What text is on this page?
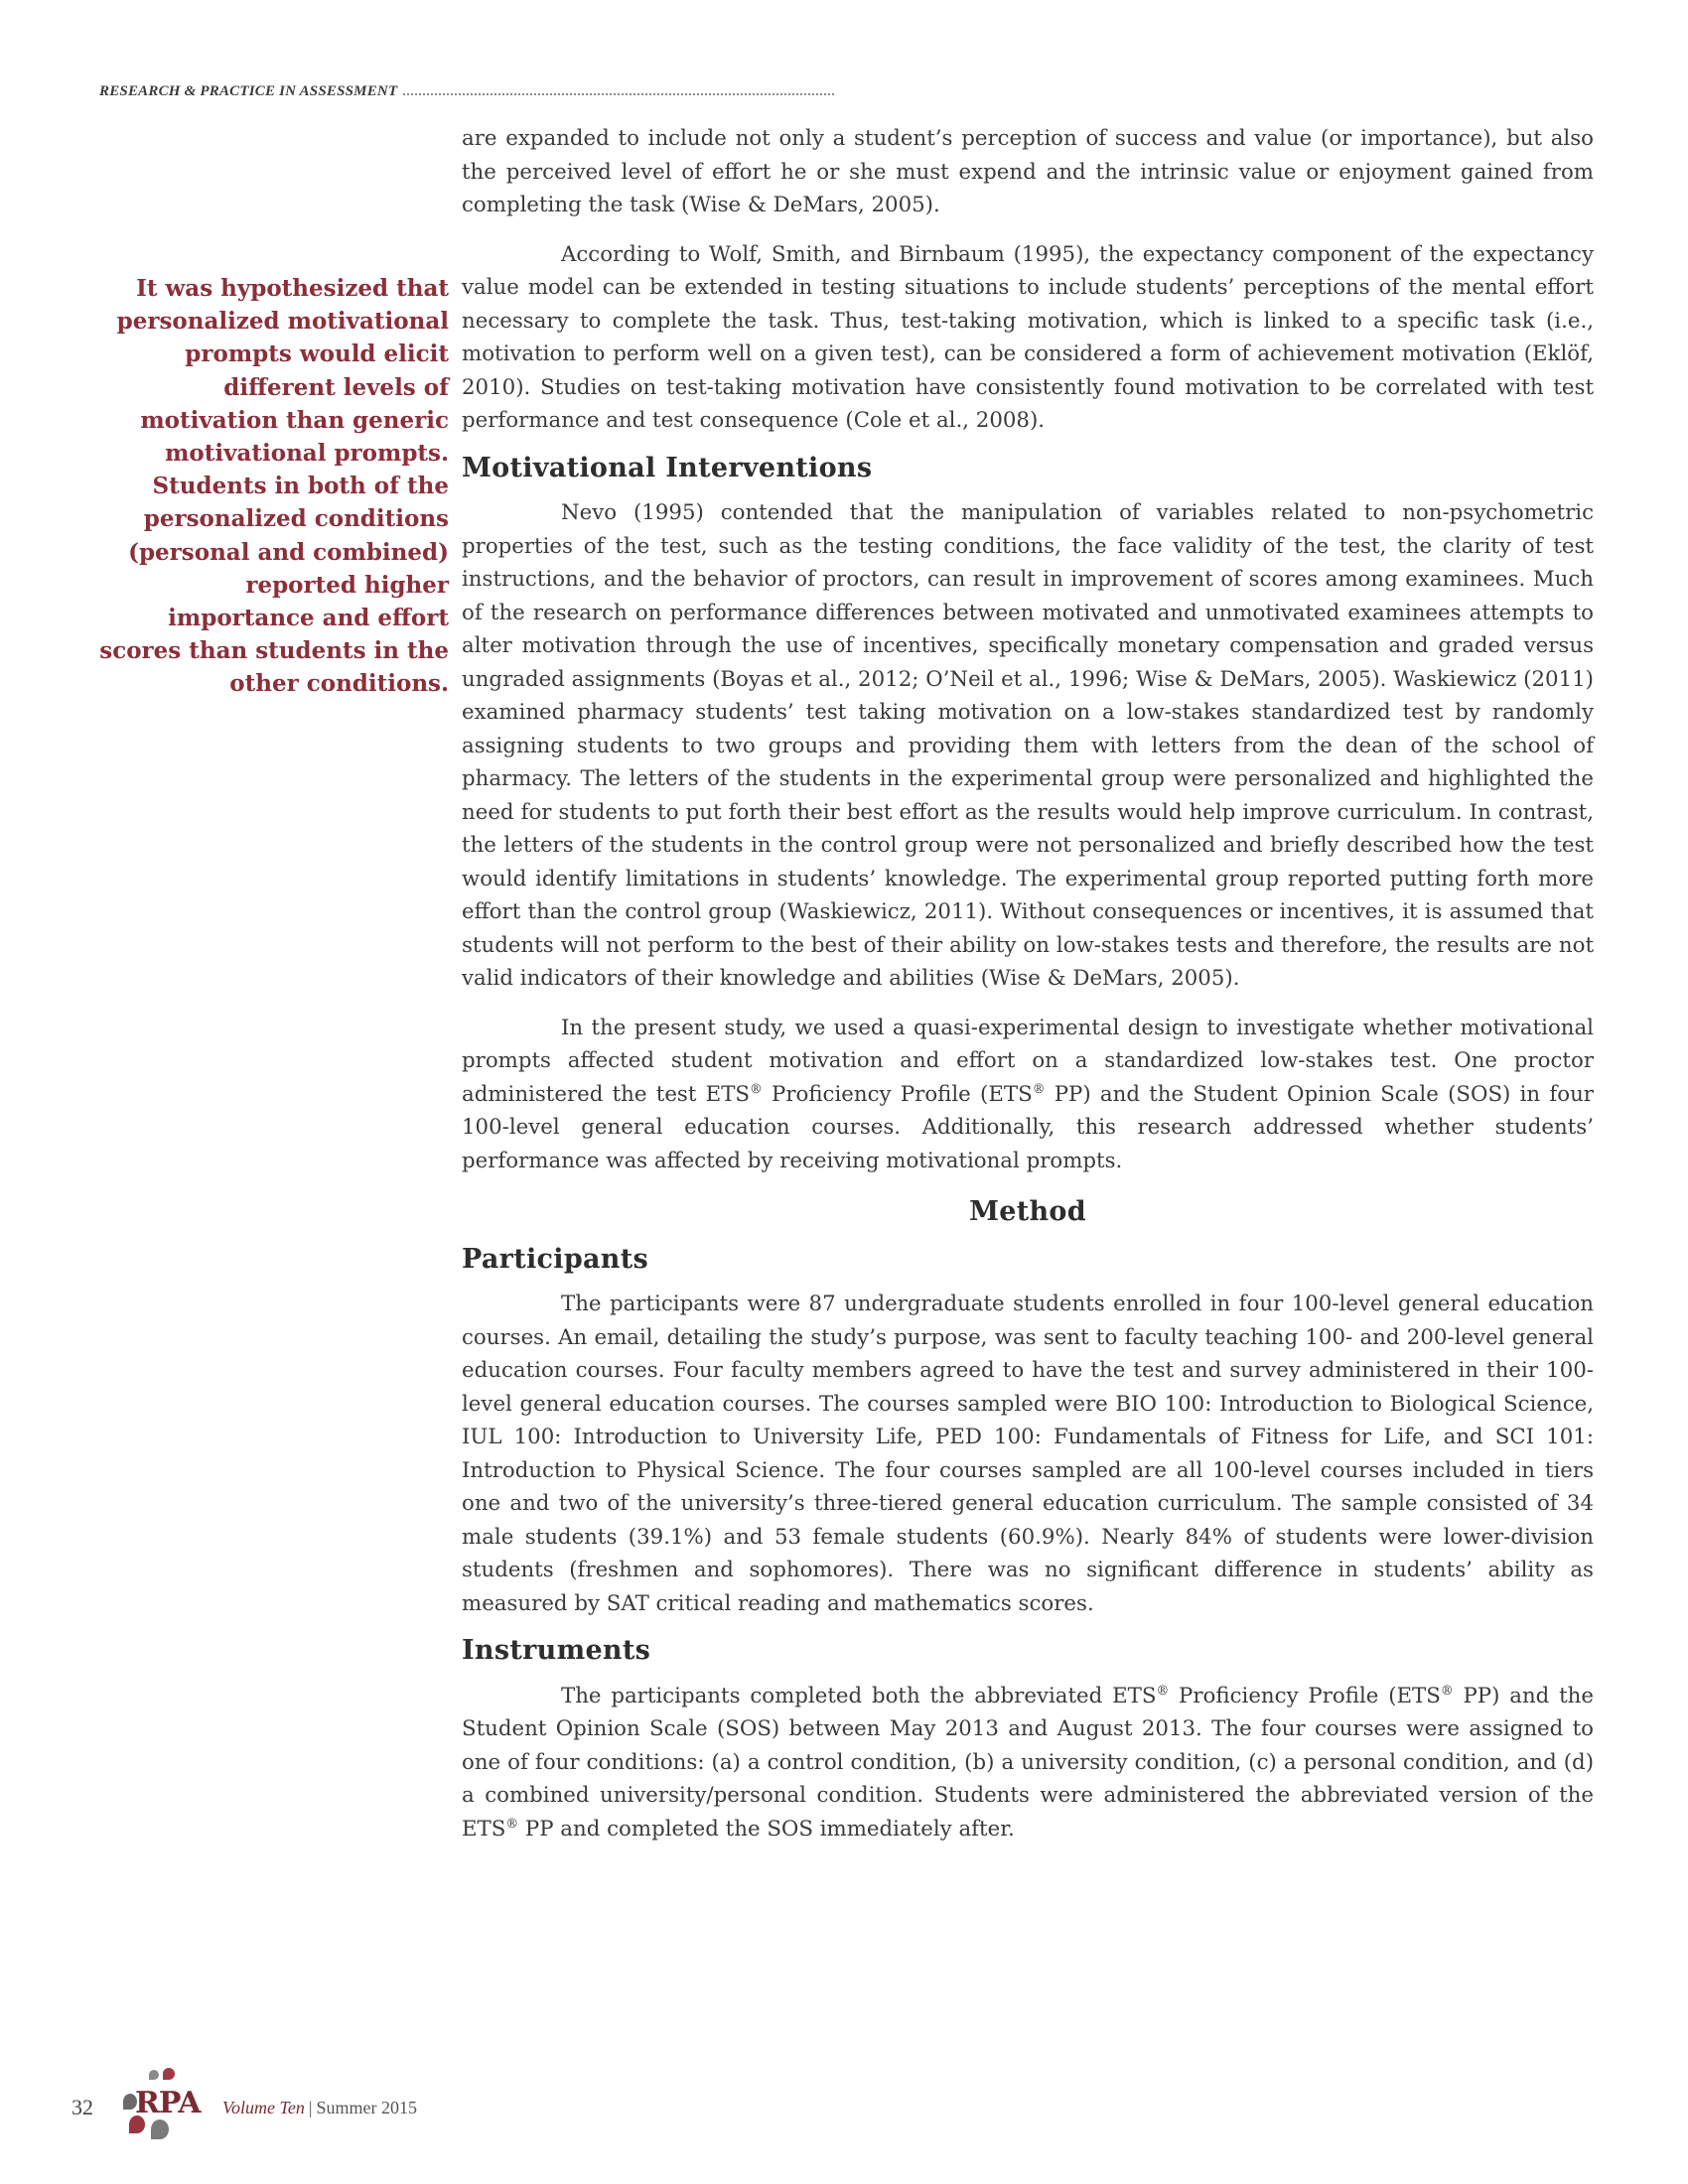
RESEARCH & PRACTICE IN ASSESSMENT
It was hypothesized that personalized motivational prompts would elicit different levels of motivation than generic motivational prompts. Students in both of the personalized conditions (personal and combined) reported higher importance and effort scores than students in the other conditions.

are expanded to include not only a student’s perception of success and value (or importance), but also the perceived level of effort he or she must expend and the intrinsic value or enjoyment gained from completing the task (Wise & DeMars, 2005).

According to Wolf, Smith, and Birnbaum (1995), the expectancy component of the expectancy value model can be extended in testing situations to include students’ perceptions of the mental effort necessary to complete the task. Thus, test-taking motivation, which is linked to a specific task (i.e., motivation to perform well on a given test), can be considered a form of achievement motivation (Eklöf, 2010). Studies on test-taking motivation have consistently found motivation to be correlated with test performance and test consequence (Cole et al., 2008).

Motivational Interventions

Nevo (1995) contended that the manipulation of variables related to non-psychometric properties of the test, such as the testing conditions, the face validity of the test, the clarity of test instructions, and the behavior of proctors, can result in improvement of scores among examinees. Much of the research on performance differences between motivated and unmotivated examinees attempts to alter motivation through the use of incentives, specifically monetary compensation and graded versus ungraded assignments (Boyas et al., 2012; O’Neil et al., 1996; Wise & DeMars, 2005). Waskiewicz (2011) examined pharmacy students’ test taking motivation on a low-stakes standardized test by randomly assigning students to two groups and providing them with letters from the dean of the school of pharmacy. The letters of the students in the experimental group were personalized and highlighted the need for students to put forth their best effort as the results would help improve curriculum. In contrast, the letters of the students in the control group were not personalized and briefly described how the test would identify limitations in students’ knowledge. The experimental group reported putting forth more effort than the control group (Waskiewicz, 2011). Without consequences or incentives, it is assumed that students will not perform to the best of their ability on low-stakes tests and therefore, the results are not valid indicators of their knowledge and abilities (Wise & DeMars, 2005).

In the present study, we used a quasi-experimental design to investigate whether motivational prompts affected student motivation and effort on a standardized low-stakes test. One proctor administered the test ETS® Proficiency Profile (ETS® PP) and the Student Opinion Scale (SOS) in four 100-level general education courses. Additionally, this research addressed whether students’ performance was affected by receiving motivational prompts.

Method
Participants

The participants were 87 undergraduate students enrolled in four 100-level general education courses. An email, detailing the study’s purpose, was sent to faculty teaching 100- and 200-level general education courses. Four faculty members agreed to have the test and survey administered in their 100-level general education courses. The courses sampled were BIO 100: Introduction to Biological Science, IUL 100: Introduction to University Life, PED 100: Fundamentals of Fitness for Life, and SCI 101: Introduction to Physical Science. The four courses sampled are all 100-level courses included in tiers one and two of the university’s three-tiered general education curriculum. The sample consisted of 34 male students (39.1%) and 53 female students (60.9%). Nearly 84% of students were lower-division students (freshmen and sophomores). There was no significant difference in students’ ability as measured by SAT critical reading and mathematics scores.

Instruments

The participants completed both the abbreviated ETS® Proficiency Profile (ETS® PP) and the Student Opinion Scale (SOS) between May 2013 and August 2013. The four courses were assigned to one of four conditions: (a) a control condition, (b) a university condition, (c) a personal condition, and (d) a combined university/personal condition. Students were administered the abbreviated version of the ETS® PP and completed the SOS immediately after.

32	RPA Volume Ten | Summer 2015
